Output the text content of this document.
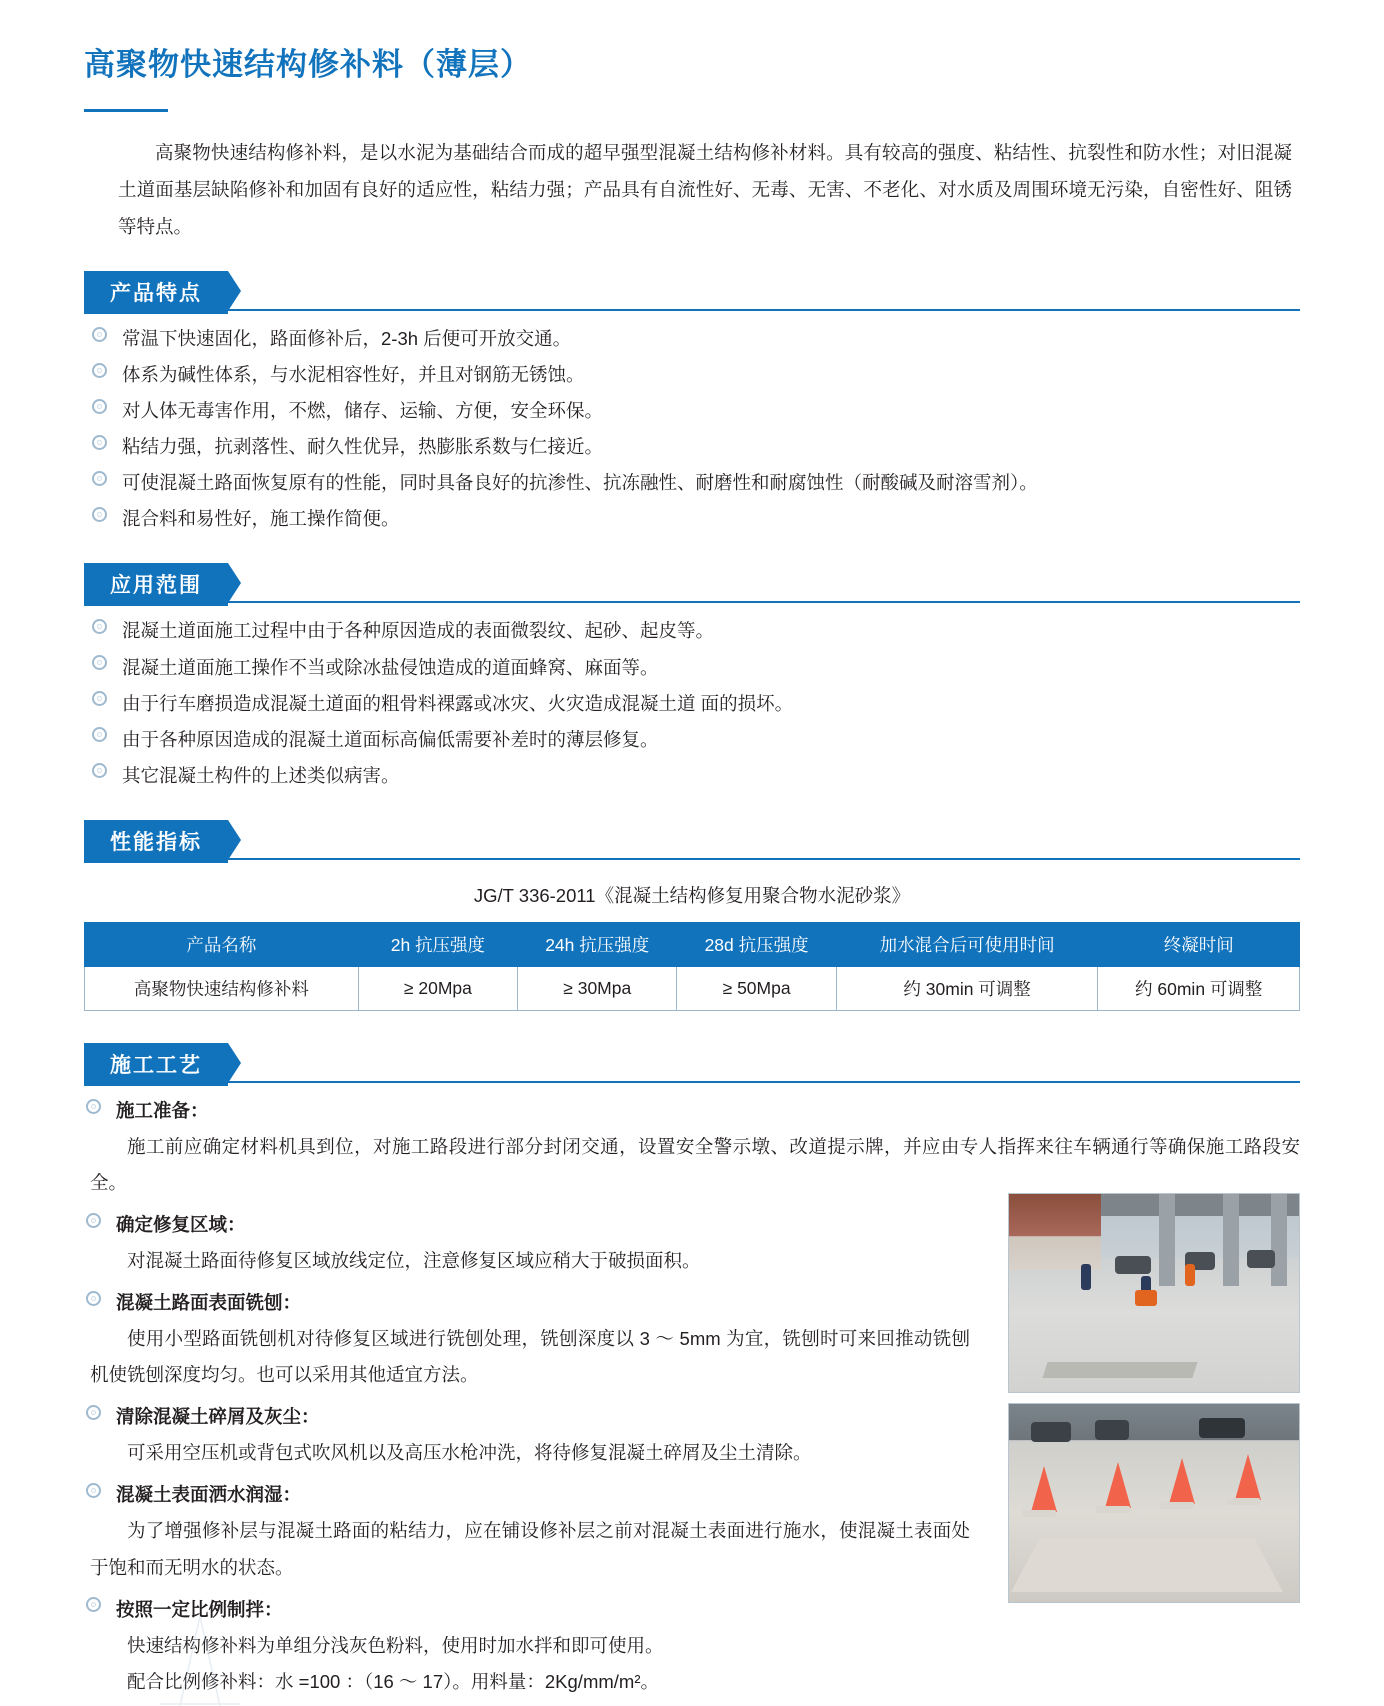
高聚物快速结构修补料（薄层）

高聚物快速结构修补料，是以水泥为基础结合而成的超早强型混凝土结构修补材料。具有较高的强度、粘结性、抗裂性和防水性；对旧混凝土道面基层缺陷修补和加固有良好的适应性，粘结力强；产品具有自流性好、无毒、无害、不老化、对水质及周围环境无污染，自密性好、阻锈等特点。

产品特点
常温下快速固化，路面修补后，2-3h 后便可开放交通。
体系为碱性体系，与水泥相容性好，并且对钢筋无锈蚀。
对人体无毒害作用，不燃，储存、运输、方便，安全环保。
粘结力强，抗剥落性、耐久性优异，热膨胀系数与仁接近。
可使混凝土路面恢复原有的性能，同时具备良好的抗渗性、抗冻融性、耐磨性和耐腐蚀性（耐酸碱及耐溶雪剂）。
混合料和易性好，施工操作简便。
应用范围
混凝土道面施工过程中由于各种原因造成的表面微裂纹、起砂、起皮等。
混凝土道面施工操作不当或除冰盐侵蚀造成的道面蜂窝、麻面等。
由于行车磨损造成混凝土道面的粗骨料裸露或冰灾、火灾造成混凝土道 面的损坏。
由于各种原因造成的混凝土道面标高偏低需要补差时的薄层修复。
其它混凝土构件的上述类似病害。
性能指标
JG/T 336-2011《混凝土结构修复用聚合物水泥砂浆》
产品名称	2h 抗压强度	24h 抗压强度	28d 抗压强度	加水混合后可使用时间	终凝时间
高聚物快速结构修补料	≥ 20Mpa	≥ 30Mpa	≥ 50Mpa	约 30min 可调整	约 60min 可调整
施工工艺
施工准备：
施工前应确定材料机具到位，对施工路段进行部分封闭交通，设置安全警示墩、改道提示牌，并应由专人指挥来往车辆通行等确保施工路段安全。
确定修复区域：
对混凝土路面待修复区域放线定位，注意修复区域应稍大于破损面积。
混凝土路面表面铣刨：
使用小型路面铣刨机对待修复区域进行铣刨处理，铣刨深度以 3 ～ 5mm 为宜，铣刨时可来回推动铣刨机使铣刨深度均匀。也可以采用其他适宜方法。
清除混凝土碎屑及灰尘：
可采用空压机或背包式吹风机以及高压水枪冲洗，将待修复混凝土碎屑及尘土清除。
混凝土表面洒水润湿：
为了增强修补层与混凝土路面的粘结力，应在铺设修补层之前对混凝土表面进行施水，使混凝土表面处于饱和而无明水的状态。
按照一定比例制拌：
快速结构修补料为单组分浅灰色粉料，使用时加水拌和即可使用。
配合比例修补料：水 =100 ：（16 ～ 17）。用料量：2Kg/mm/m²。
